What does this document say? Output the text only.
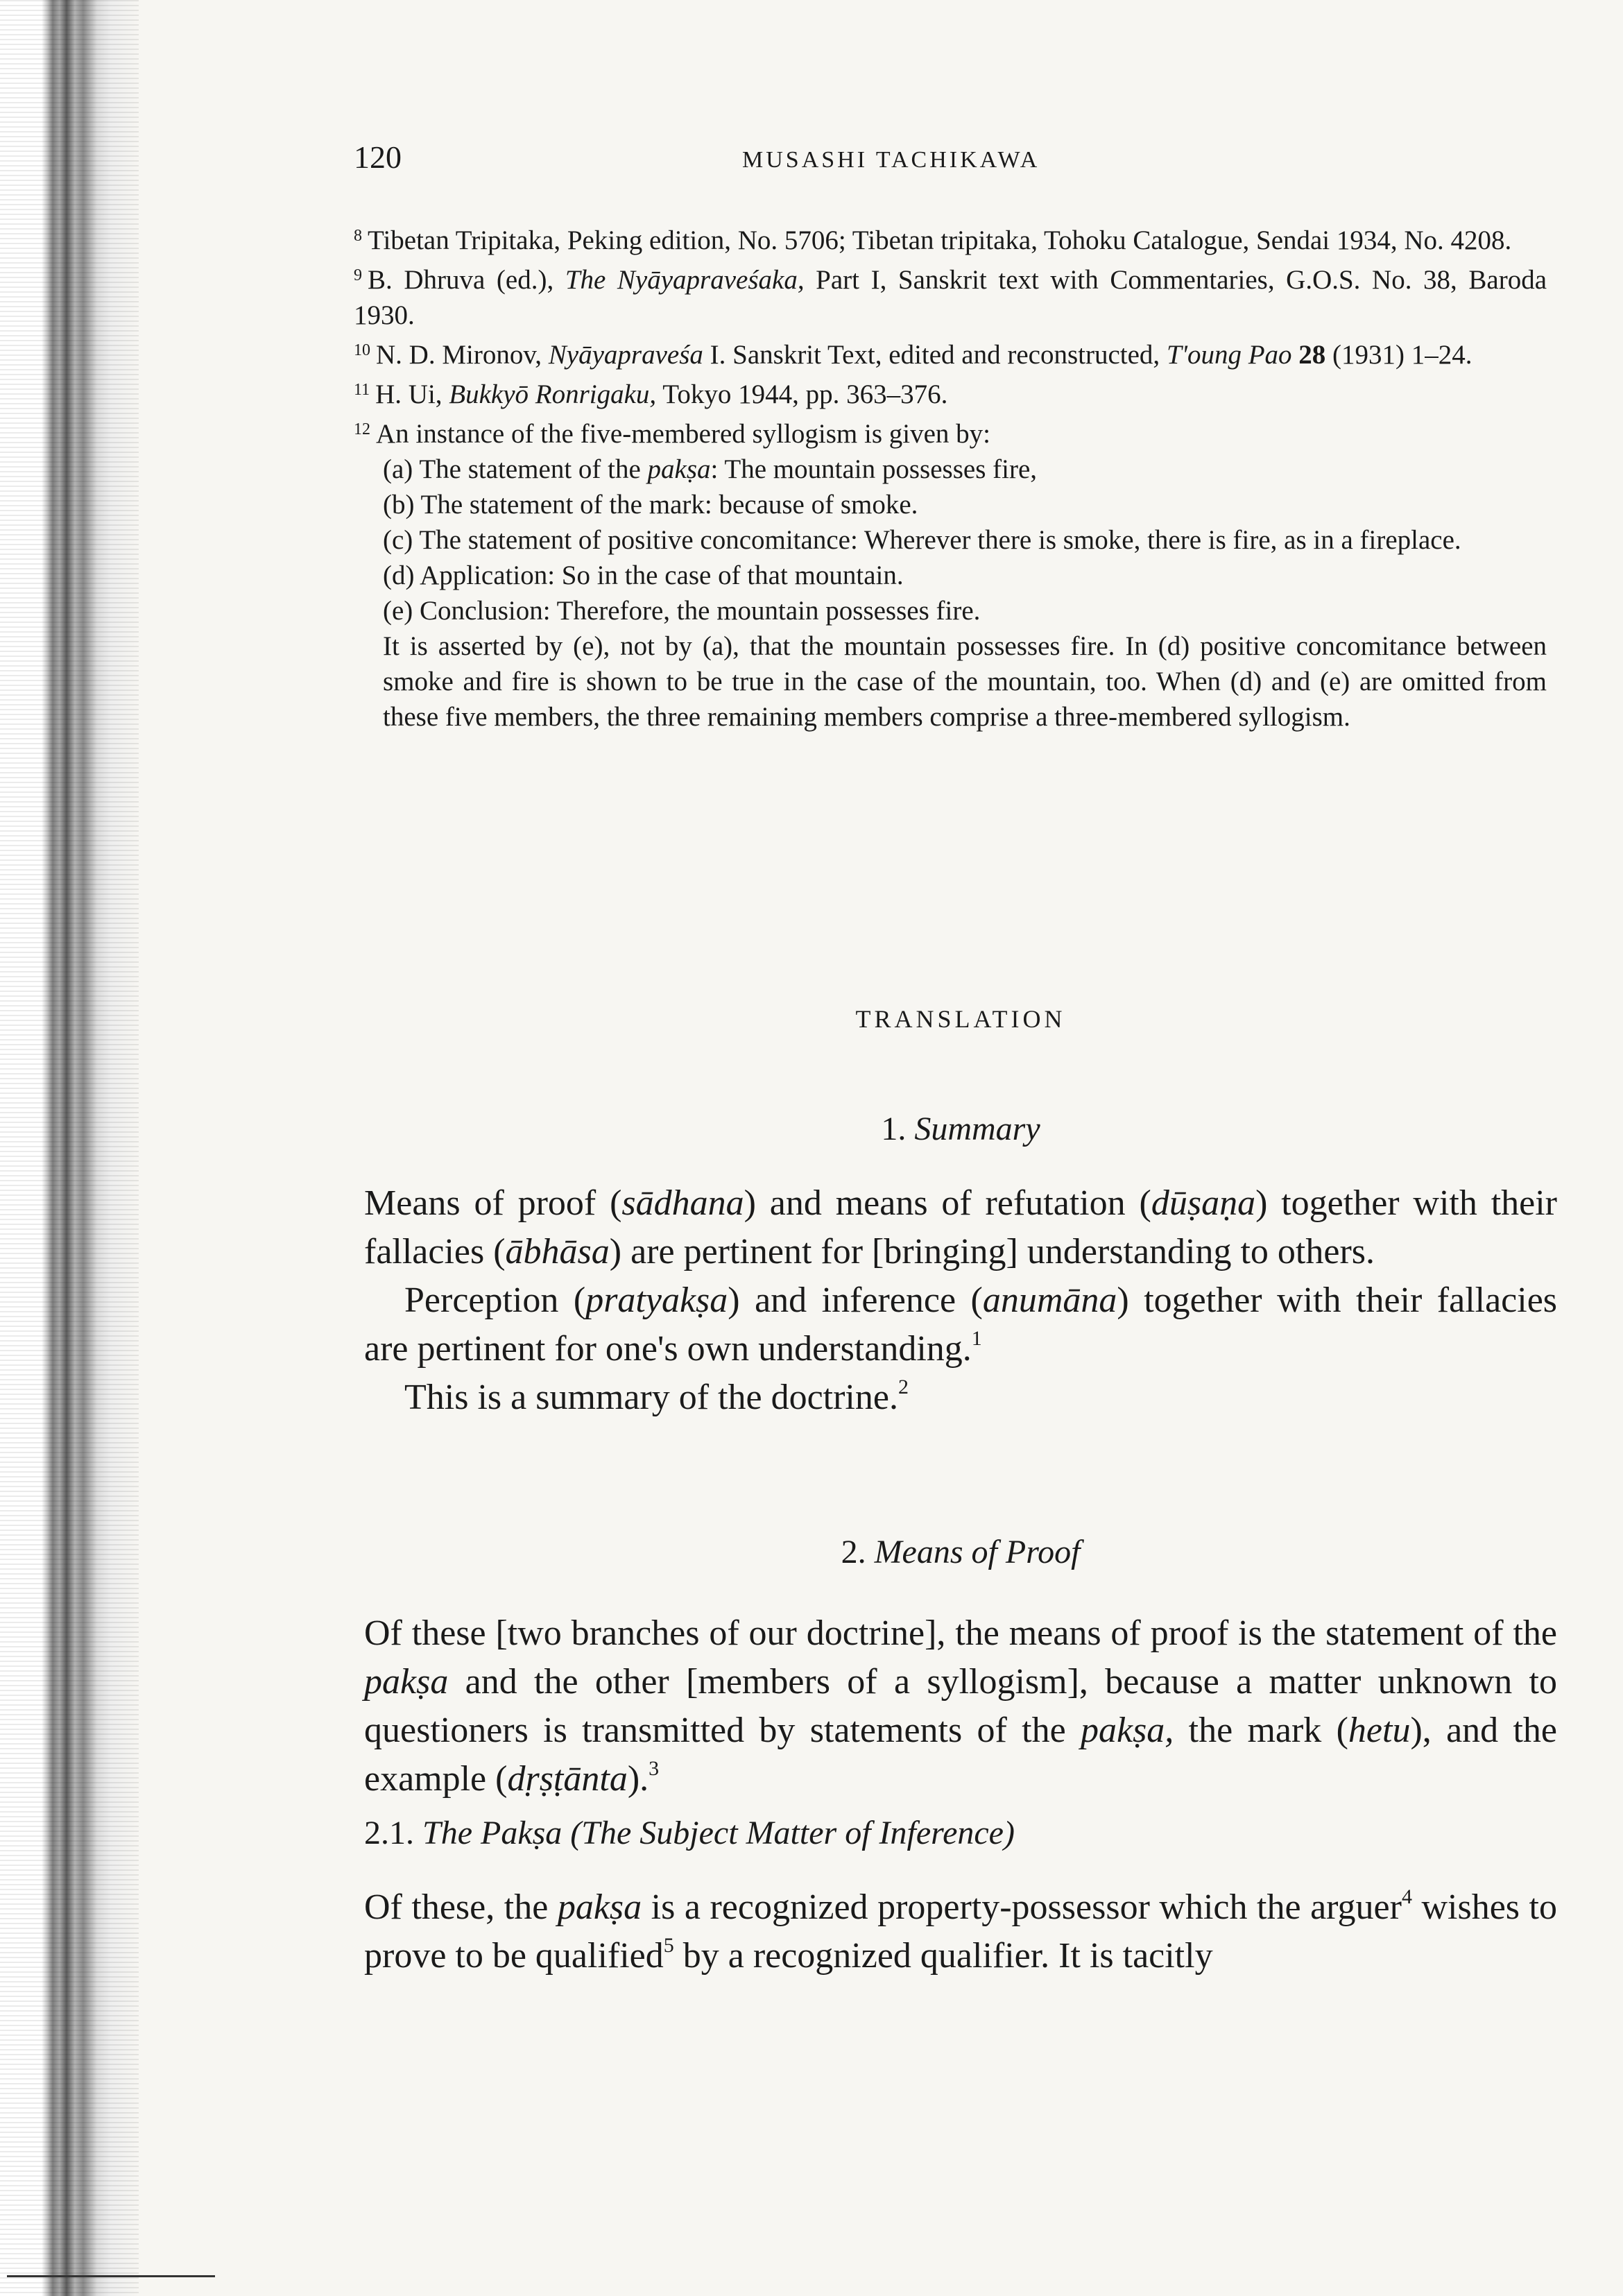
120	MUSASHI TACHIKAWA

$^8$ Tibetan Tripitaka, Peking edition, No. 5706; Tibetan tripitaka, Tohoku Catalogue, Sendai 1934, No. 4208.

$^9$ B. Dhruva (ed.), The Nyāyapraveśaka, Part I, Sanskrit text with Commentaries, G.O.S. No. 38, Baroda 1930.

$^{10}$ N. D. Mironov, Nyāyapraveśa I. Sanskrit Text, edited and reconstructed, T'oung Pao 28 (1931) 1–24.

$^{11}$ H. Ui, Bukkyō Ronrigaku, Tokyo 1944, pp. 363–376.

$^{12}$ An instance of the five-membered syllogism is given by:

(a) The statement of the pakṣa: The mountain possesses fire,

(b) The statement of the mark: because of smoke.

(c) The statement of positive concomitance: Wherever there is smoke, there is fire, as in a fireplace.

(d) Application: So in the case of that mountain.

(e) Conclusion: Therefore, the mountain possesses fire.

It is asserted by (e), not by (a), that the mountain possesses fire. In (d) positive concomitance between smoke and fire is shown to be true in the case of the mountain, too. When (d) and (e) are omitted from these five members, the three remaining members comprise a three-membered syllogism.

TRANSLATION
1. Summary

Means of proof (sādhana) and means of refutation (dūṣaṇa) together with their fallacies (ābhāsa) are pertinent for [bringing] understanding to others.

Perception (pratyakṣa) and inference (anumāna) together with their fallacies are pertinent for one's own understanding.$^1$

This is a summary of the doctrine.$^2$

2. Means of Proof

Of these [two branches of our doctrine], the means of proof is the statement of the pakṣa and the other [members of a syllogism], because a matter unknown to questioners is transmitted by statements of the pakṣa, the mark (hetu), and the example (dṛṣṭānta).$^3$

2.1. The Pakṣa (The Subject Matter of Inference)

Of these, the pakṣa is a recognized property-possessor which the arguer$^4$ wishes to prove to be qualified$^5$ by a recognized qualifier. It is tacitly
